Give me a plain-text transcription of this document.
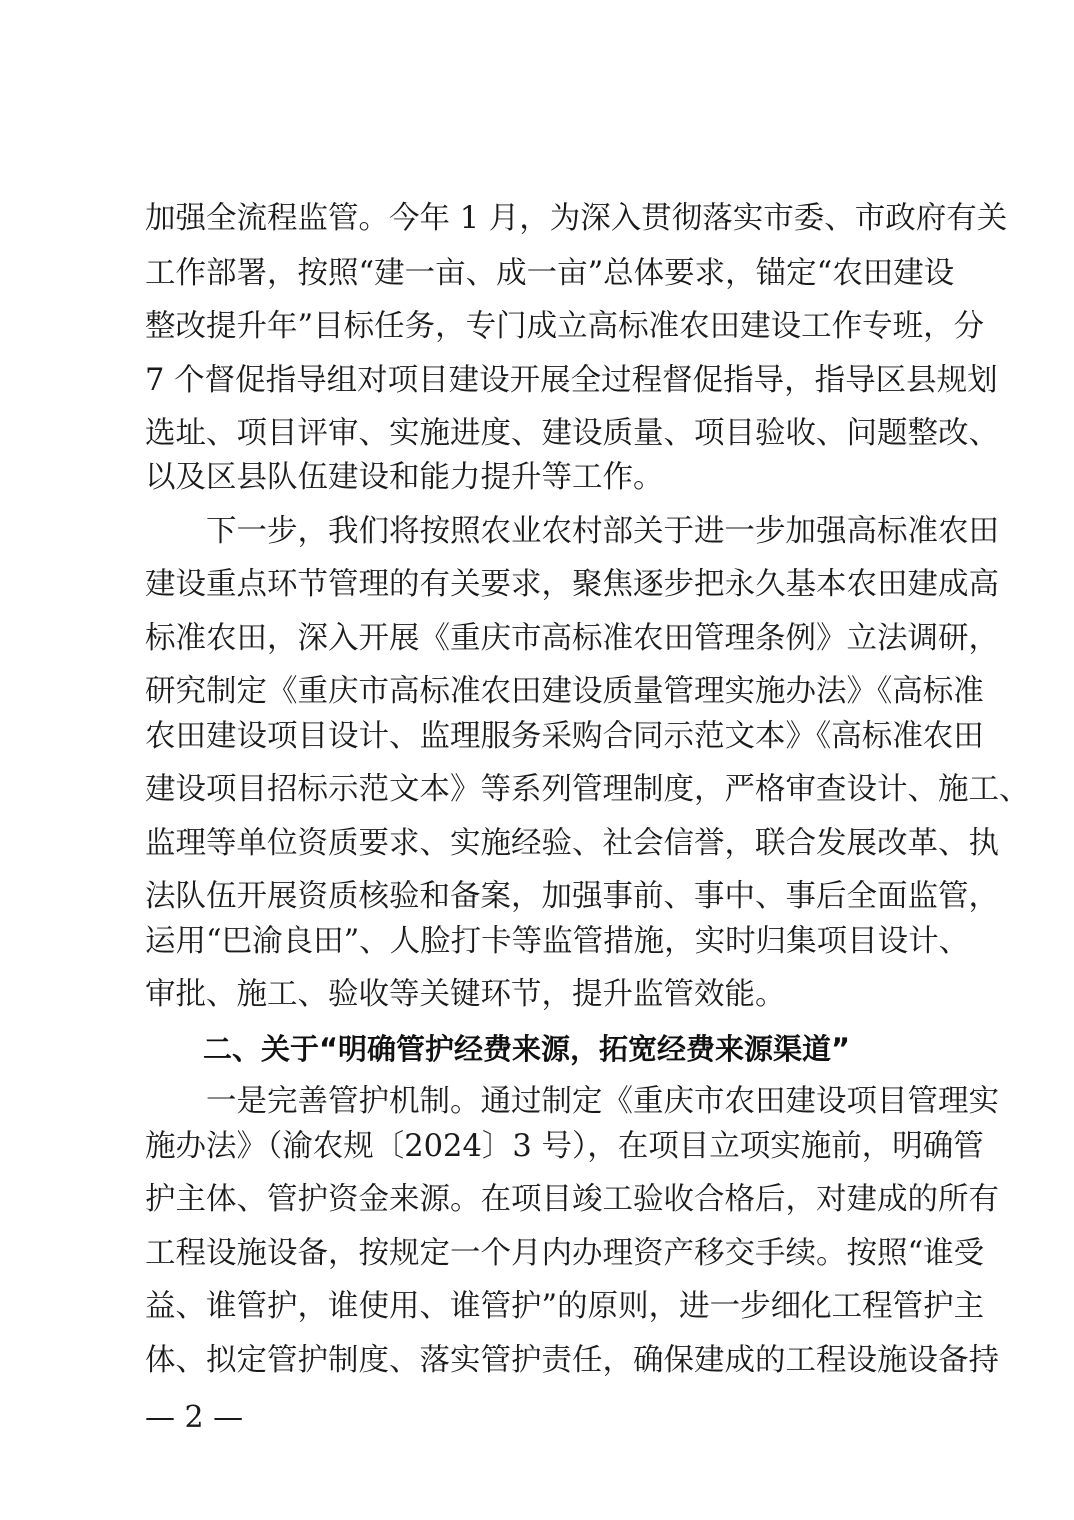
加强全流程监管。今年 1 月，为深入贯彻落实市委、市政府有关
工作部署，按照“建一亩、成一亩”总体要求，锚定“农田建设
整改提升年”目标任务，专门成立高标准农田建设工作专班，分
7 个督促指导组对项目建设开展全过程督促指导，指导区县规划
选址、项目评审、实施进度、建设质量、项目验收、问题整改、
以及区县队伍建设和能力提升等工作。
　　下一步，我们将按照农业农村部关于进一步加强高标准农田
建设重点环节管理的有关要求，聚焦逐步把永久基本农田建成高
标准农田，深入开展《重庆市高标准农田管理条例》立法调研，
研究制定《重庆市高标准农田建设质量管理实施办法》《高标准
农田建设项目设计、监理服务采购合同示范文本》《高标准农田
建设项目招标示范文本》等系列管理制度，严格审查设计、施工、
监理等单位资质要求、实施经验、社会信誉，联合发展改革、执
法队伍开展资质核验和备案，加强事前、事中、事后全面监管，
运用“巴渝良田”、人脸打卡等监管措施，实时归集项目设计、
审批、施工、验收等关键环节，提升监管效能。
　　二、关于“明确管护经费来源，拓宽经费来源渠道”
　　一是完善管护机制。通过制定《重庆市农田建设项目管理实
施办法》（渝农规〔2024〕3 号），在项目立项实施前，明确管
护主体、管护资金来源。在项目竣工验收合格后，对建成的所有
工程设施设备，按规定一个月内办理资产移交手续。按照“谁受
益、谁管护，谁使用、谁管护”的原则，进一步细化工程管护主
体、拟定管护制度、落实管护责任，确保建成的工程设施设备持
— 2 —
